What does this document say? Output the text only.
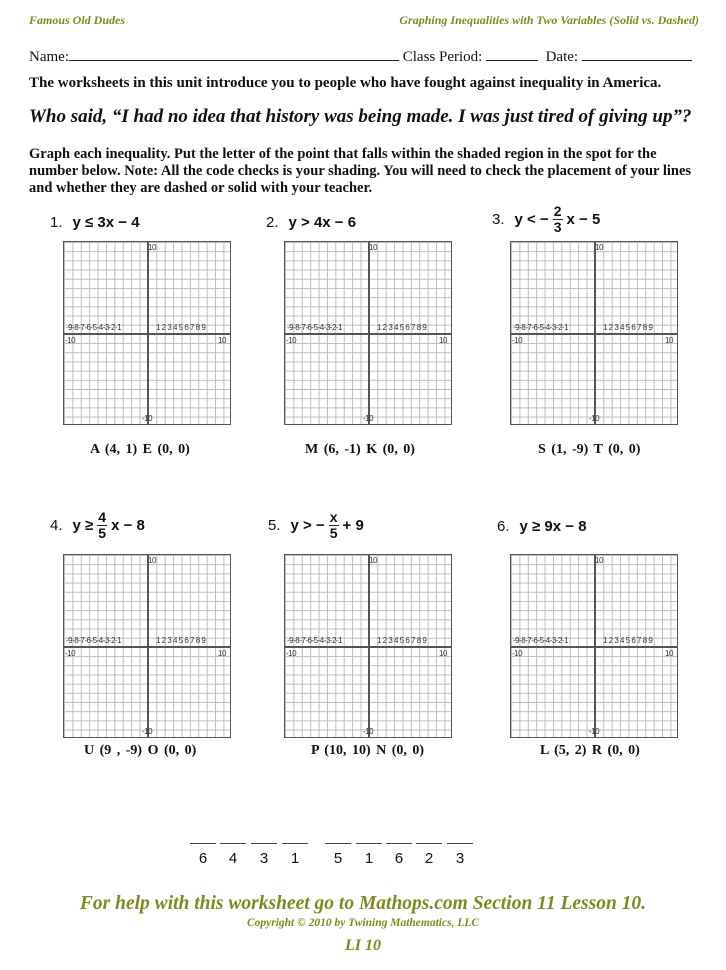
Famous Old Dudes	Graphing Inequalities with Two Variables (Solid vs. Dashed)
Name:	Class Period:	Date:
The worksheets in this unit introduce you to people who have fought against inequality in America.
Who said, “I had no idea that history was being made. I was just tired of giving up”?
Graph each inequality. Put the letter of the point that falls within the shaded region in the spot for the number below. Note: All the code checks is your shading. You will need to check the placement of your lines and whether they are dashed or solid with your teacher.
1. y ≤ 3x − 4
10
-10
-9-8-7-6-5-4-3-2-1	1 2 3 4 5 6 7 8 9
-10	10
A (4, 1) E (0, 0)
2. y > 4x − 6
10
-10
-9-8-7-6-5-4-3-2-1	1 2 3 4 5 6 7 8 9
-10	10
M (6, -1) K (0, 0)
3. y < − $\frac{2}{3}$ x − 5
10
-10
-9-8-7-6-5-4-3-2-1	1 2 3 4 5 6 7 8 9
-10	10
S (1, -9) T (0, 0)
4. $y \ge \frac{4}{5}$ x − 8
10
-10
-9-8-7-6-5-4-3-2-1	1 2 3 4 5 6 7 8 9
-10	10
U (9 , -9) O (0, 0)
5. y > − $\frac{x}{5} + 9$
10
-10
-9-8-7-6-5-4-3-2-1	1 2 3 4 5 6 7 8 9
-10	10
P (10, 10) N (0, 0)
6. y ≥ 9x − 8
10
-10
-9-8-7-6-5-4-3-2-1	1 2 3 4 5 6 7 8 9
-10	10
L (5, 2) R (0, 0)
6	4	3	1	5	1	6	2	3
For help with this worksheet go to Mathops.com Section 11 Lesson 10.
Copyright © 2010 by Twining Mathematics, LLC
LI 10
